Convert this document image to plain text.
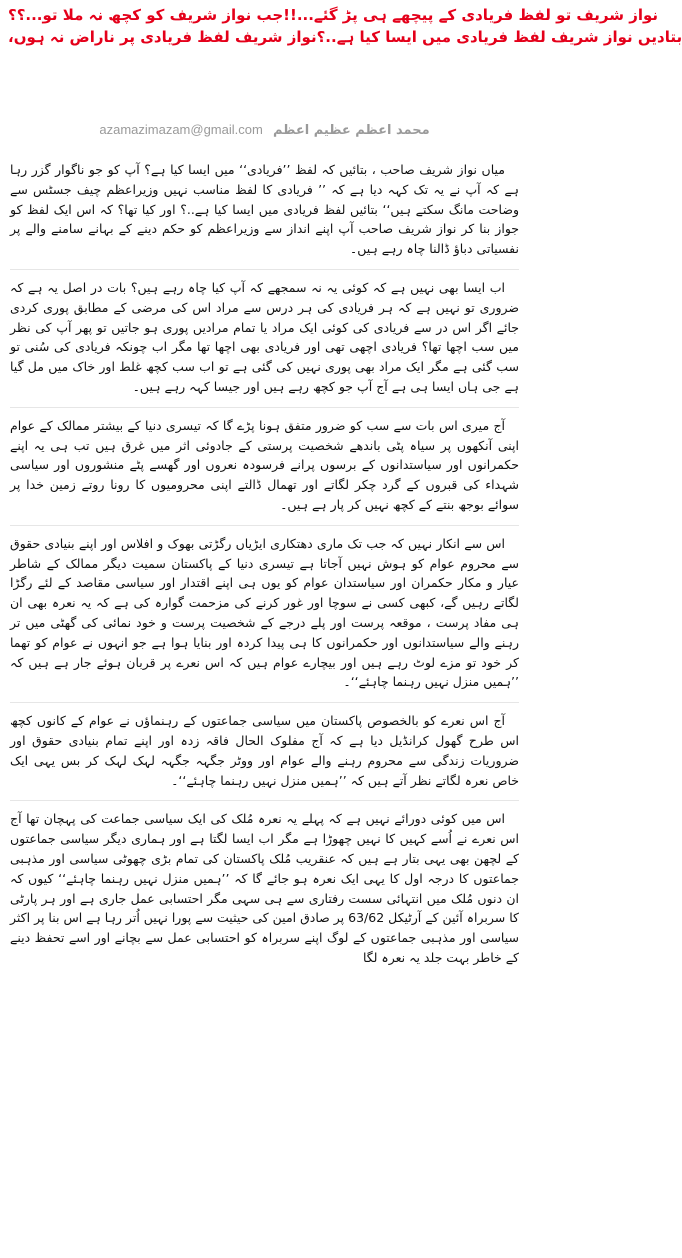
جب نواز شریف کو کچھ نہ ملا تو...؟؟ نواز شریف تو لفظ فریادی کے پیچھے ہی پڑ گئے...!!
نواز شریف لفظ فریادی پر ناراض نہ ہوں، بتادیں نواز شریف لفظ فریادی میں ایسا کیا ہے..؟
azamazimazam@gmail.com محمد اعظم عظیم اعظم

میاں نواز شریف صاحب ، بتائیں کہ لفظ ’’فریادی‘‘ میں ایسا کیا ہے؟ آپ کو جو ناگوار گزر رہا ہے کہ آپ نے یہ تک کہہ دیا ہے کہ ’’ فریادی کا لفظ مناسب نہیں وزیراعظم چیف جسٹس سے وضاحت مانگ سکتے ہیں‘‘ بتائیں لفظ فریادی میں ایسا کیا ہے..؟ اور کیا تھا؟ کہ اس ایک لفظ کو جواز بنا کر نواز شریف صاحب آپ اپنے انداز سے وزیراعظم کو حکم دینے کے بہانے سامنے والے پر نفسیاتی دباؤ ڈالنا چاہ رہے ہیں۔

اب ایسا بھی نہیں ہے کہ کوئی یہ نہ سمجھے کہ آپ کیا چاہ رہے ہیں؟ بات در اصل یہ ہے کہ ضروری تو نہیں ہے کہ ہر فریادی کی ہر درس سے مراد اس کی مرضی کے مطابق پوری کردی جائے اگر اس در سے فریادی کی کوئی ایک مراد یا تمام مرادیں پوری ہو جاتیں تو پھر آپ کی نظر میں سب اچھا تھا؟ فریادی اچھی تھی اور فریادی بھی اچھا تھا مگر اب چونکہ فریادی کی سُنی تو سب گئی ہے مگر ایک مراد بھی پوری نہیں کی گئی ہے تو اب سب کچھ غلط اور خاک میں مل گیا ہے جی ہاں ایسا ہی ہے آج آپ جو کچھ رہے ہیں اور جیسا کہہ رہے ہیں۔

آج میری اس بات سے سب کو ضرور متفق ہونا پڑے گا کہ تیسری دنیا کے بیشتر ممالک کے عوام اپنی آنکھوں پر سیاہ پٹی باندھے شخصیت پرستی کے جادوئی اثر میں غرق ہیں تب ہی یہ اپنے حکمرانوں اور سیاستدانوں کے برسوں پرانے فرسودہ نعروں اور گھسے پٹے منشوروں اور سیاسی شہداء کی قبروں کے گرد چکر لگاتے اور تھمال ڈالتے اپنی محرومیوں کا رونا روتے زمین خدا پر سوائے بوجھ بنتے کے کچھ نہیں کر پار ہے ہیں۔

اس سے انکار نہیں کہ جب تک ماری دھتکاری ایڑیاں رگڑتی بھوک و افلاس اور اپنے بنیادی حقوق سے محروم عوام کو ہوش نہیں آجاتا ہے تیسری دنیا کے پاکستان سمیت دیگر ممالک کے شاطر عیار و مکار حکمران اور سیاستدان عوام کو یوں ہی اپنے اقتدار اور سیاسی مقاصد کے لئے رگڑا لگاتے رہیں گے، کبھی کسی نے سوچا اور غور کرنے کی مزحمت گوارہ کی ہے کہ یہ نعرہ بھی ان ہی مفاد پرست ، موقعہ پرست اور پلے درجے کے شخصیت پرست و خود نمائی کی گھٹی میں تر رہنے والے سیاستدانوں اور حکمرانوں کا ہی پیدا کردہ اور بنایا ہوا ہے جو انہوں نے عوام کو تھما کر خود تو مزے لوٹ رہے ہیں اور بیچارے عوام ہیں کہ اس نعرے پر قربان ہوئے جار ہے ہیں کہ ’’ہمیں منزل نہیں رہنما چاہئے‘‘۔

آج اس نعرے کو بالخصوص پاکستان میں سیاسی جماعتوں کے رہنماؤں نے عوام کے کانوں کچھ اس طرح گھول کرانڈیل دیا ہے کہ آج مفلوک الحال فاقہ زدہ اور اپنے تمام بنیادی حقوق اور ضروریات زندگی سے محروم رہنے والے عوام اور ووٹر جگہہ جگہہ لہک لہک کر بس یہی ایک خاص نعرہ لگاتے نظر آتے ہیں کہ ’’ہمیں منزل نہیں رہنما چاہئے‘‘۔

اس میں کوئی دورائے نہیں ہے کہ پہلے یہ نعرہ مُلک کی ایک سیاسی جماعت کی پہچان تھا آج اس نعرے نے اُسے کہیں کا نہیں چھوڑا ہے مگر اب ایسا لگتا ہے اور ہماری دیگر سیاسی جماعتوں کے لچھن بھی یہی بتار ہے ہیں کہ عنقریب مُلک پاکستان کی تمام بڑی چھوٹی سیاسی اور مذہبی جماعتوں کا درجہ اول کا یہی ایک نعرہ ہو جائے گا کہ ’’ہمیں منزل نہیں رہنما چاہئے‘‘ کیوں کہ ان دنوں مُلک میں انتہائی سست رفتاری سے ہی سہی مگر احتسابی عمل جاری ہے اور ہر پارٹی کا سربراہ آئین کے آرٹیکل 63/62 پر صادق امین کی حیثیت سے پورا نہیں اُتر رہا ہے اس بنا پر اکثر سیاسی اور مذہبی جماعتوں کے لوگ اپنے سربراہ کو احتسابی عمل سے بچانے اور اسے تحفظ دینے کے خاطر بہت جلد یہ نعرہ لگا
